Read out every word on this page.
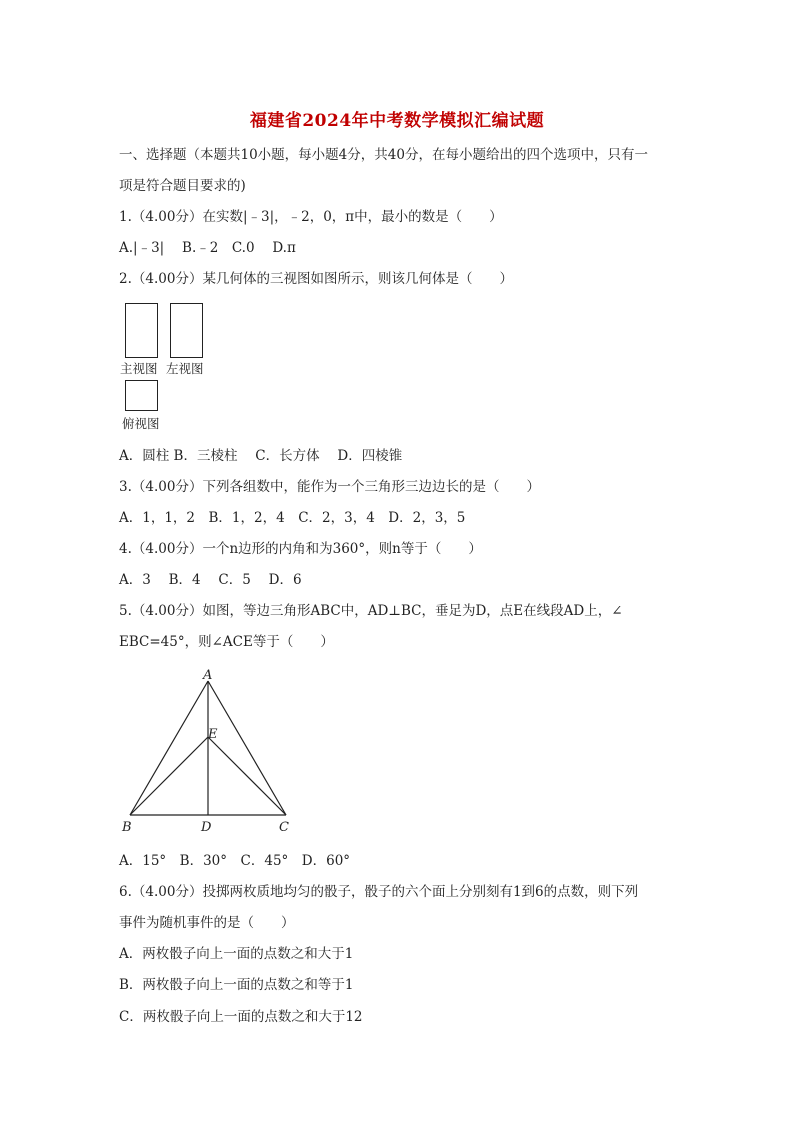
福建省2024年中考数学模拟汇编试题
一、选择题（本题共10小题，每小题4分，共40分，在每小题给出的四个选项中，只有一
项是符合题目要求的)
1.（4.00分）在实数|﹣3|，﹣2，0，π中，最小的数是（　　）
A.|﹣3|　 B.﹣2　C.0　 D.π
2.（4.00分）某几何体的三视图如图所示，则该几何体是（　　）
主视图 左视图
俯视图
A．圆柱 B．三棱柱　 C．长方体　 D．四棱锥
3.（4.00分）下列各组数中，能作为一个三角形三边边长的是（　　）
A．1，1，2　B．1，2，4　C．2，3，4　D．2，3，5
4.（4.00分）一个n边形的内角和为360°，则n等于（　　）
A．3　 B．4　 C．5　 D．6
5.（4.00分）如图，等边三角形ABC中，AD⊥BC，垂足为D，点E在线段AD上，∠
EBC=45°，则∠ACE等于（　　）
A
B	C
D
E
A．15°　B．30°　C．45°　D．60°
6.（4.00分）投掷两枚质地均匀的骰子，骰子的六个面上分别刻有1到6的点数，则下列
事件为随机事件的是（　　）
A．两枚骰子向上一面的点数之和大于1
B．两枚骰子向上一面的点数之和等于1
C．两枚骰子向上一面的点数之和大于12
